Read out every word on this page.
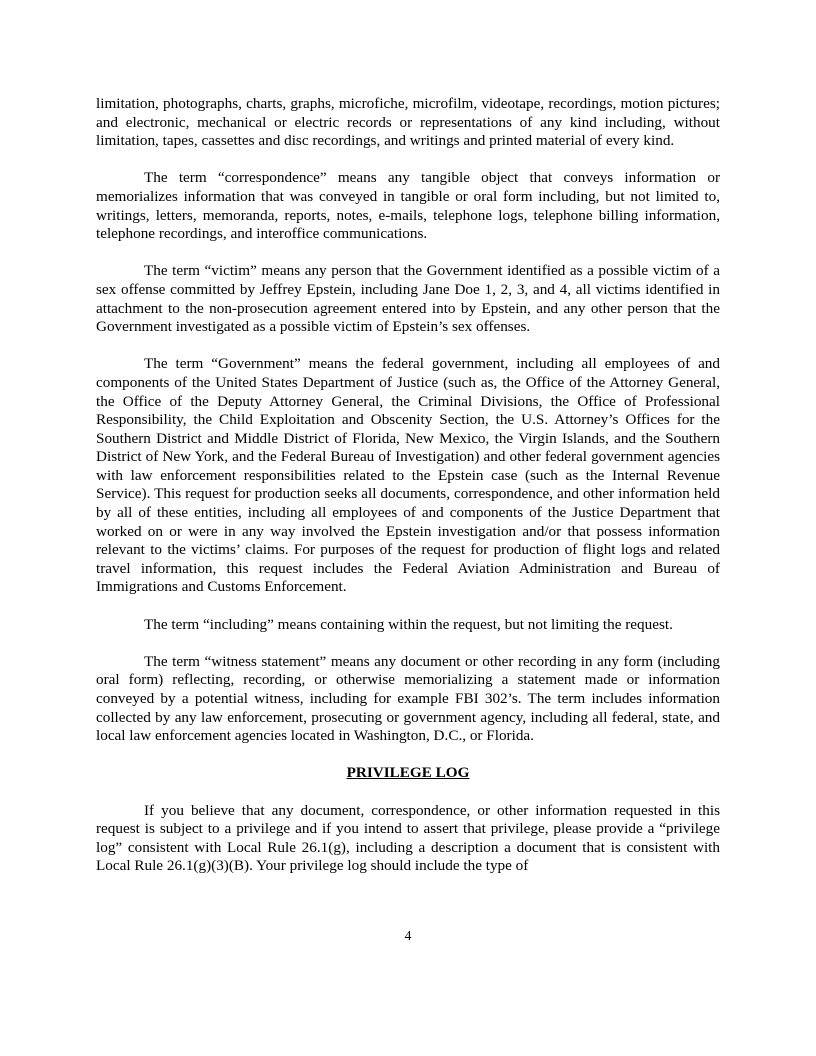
limitation, photographs, charts, graphs, microfiche, microfilm, videotape, recordings, motion pictures; and electronic, mechanical or electric records or representations of any kind including, without limitation, tapes, cassettes and disc recordings, and writings and printed material of every kind.

The term “correspondence” means any tangible object that conveys information or memorializes information that was conveyed in tangible or oral form including, but not limited to, writings, letters, memoranda, reports, notes, e-mails, telephone logs, telephone billing information, telephone recordings, and interoffice communications.

The term “victim” means any person that the Government identified as a possible victim of a sex offense committed by Jeffrey Epstein, including Jane Doe 1, 2, 3, and 4, all victims identified in attachment to the non-prosecution agreement entered into by Epstein, and any other person that the Government investigated as a possible victim of Epstein’s sex offenses.

The term “Government” means the federal government, including all employees of and components of the United States Department of Justice (such as, the Office of the Attorney General, the Office of the Deputy Attorney General, the Criminal Divisions, the Office of Professional Responsibility, the Child Exploitation and Obscenity Section, the U.S. Attorney’s Offices for the Southern District and Middle District of Florida, New Mexico, the Virgin Islands, and the Southern District of New York, and the Federal Bureau of Investigation) and other federal government agencies with law enforcement responsibilities related to the Epstein case (such as the Internal Revenue Service). This request for production seeks all documents, correspondence, and other information held by all of these entities, including all employees of and components of the Justice Department that worked on or were in any way involved the Epstein investigation and/or that possess information relevant to the victims’ claims. For purposes of the request for production of flight logs and related travel information, this request includes the Federal Aviation Administration and Bureau of Immigrations and Customs Enforcement.

The term “including” means containing within the request, but not limiting the request.

The term “witness statement” means any document or other recording in any form (including oral form) reflecting, recording, or otherwise memorializing a statement made or information conveyed by a potential witness, including for example FBI 302’s. The term includes information collected by any law enforcement, prosecuting or government agency, including all federal, state, and local law enforcement agencies located in Washington, D.C., or Florida.

PRIVILEGE LOG

If you believe that any document, correspondence, or other information requested in this request is subject to a privilege and if you intend to assert that privilege, please provide a “privilege log” consistent with Local Rule 26.1(g), including a description a document that is consistent with Local Rule 26.1(g)(3)(B). Your privilege log should include the type of

4
